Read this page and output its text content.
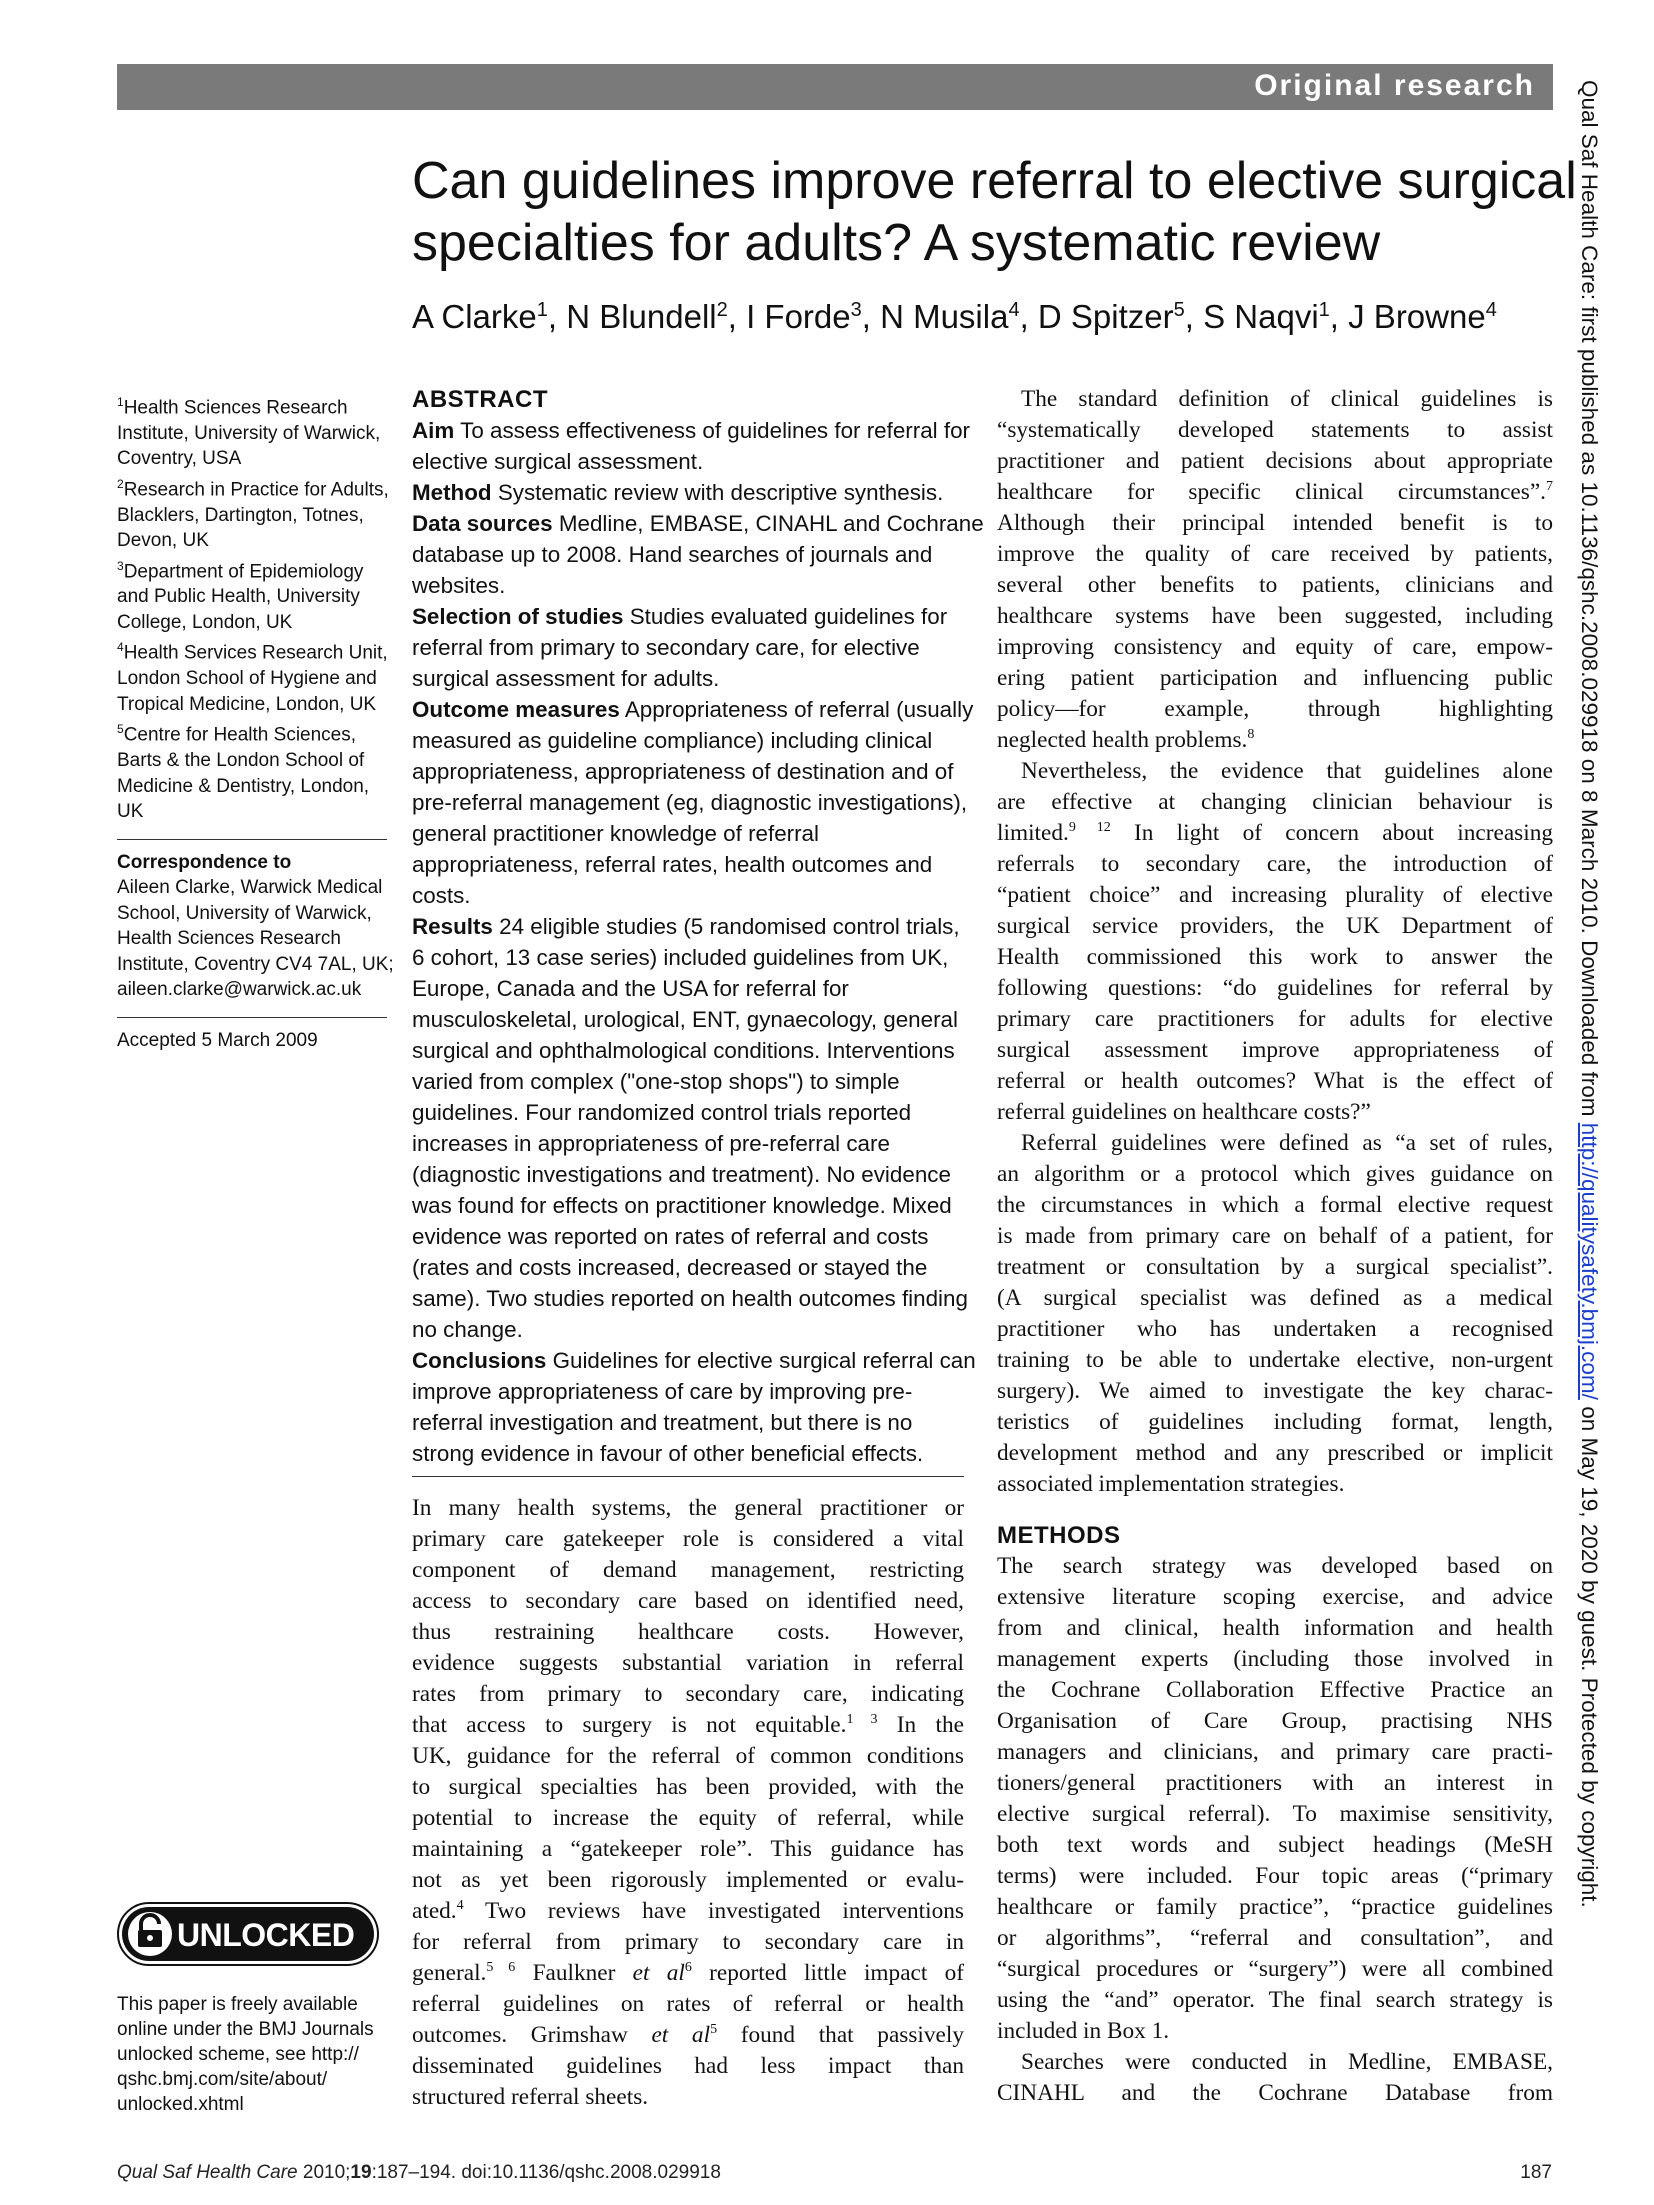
Original research
Can guidelines improve referral to elective surgical
specialties for adults? A systematic review
A Clarke$^1$, N Blundell$^2$, I Forde$^3$, N Musila$^4$, D Spitzer$^5$, S Naqvi$^1$, J Browne$^4$
$^1$Health Sciences Research
Institute, University of Warwick,
Coventry, USA
$^2$Research in Practice for Adults,
Blacklers, Dartington, Totnes,
Devon, UK
$^3$Department of Epidemiology
and Public Health, University
College, London, UK
$^4$Health Services Research Unit,
London School of Hygiene and
Tropical Medicine, London, UK
$^5$Centre for Health Sciences,
Barts & the London School of
Medicine & Dentistry, London,
UK
Correspondence to
Aileen Clarke, Warwick Medical
School, University of Warwick,
Health Sciences Research
Institute, Coventry CV4 7AL, UK;
aileen.clarke@warwick.ac.uk
Accepted 5 March 2009
UNLOCKED
This paper is freely available
online under the BMJ Journals
unlocked scheme, see http://
qshc.bmj.com/site/about/
unlocked.xhtml
ABSTRACT

Aim To assess effectiveness of guidelines for referral for
elective surgical assessment.

Method Systematic review with descriptive synthesis.

Data sources Medline, EMBASE, CINAHL and Cochrane
database up to 2008. Hand searches of journals and
websites.

Selection of studies Studies evaluated guidelines for
referral from primary to secondary care, for elective
surgical assessment for adults.

Outcome measures Appropriateness of referral (usually
measured as guideline compliance) including clinical
appropriateness, appropriateness of destination and of
pre-referral management (eg, diagnostic investigations),
general practitioner knowledge of referral
appropriateness, referral rates, health outcomes and
costs.

Results 24 eligible studies (5 randomised control trials,
6 cohort, 13 case series) included guidelines from UK,
Europe, Canada and the USA for referral for
musculoskeletal, urological, ENT, gynaecology, general
surgical and ophthalmological conditions. Interventions
varied from complex ("one-stop shops") to simple
guidelines. Four randomized control trials reported
increases in appropriateness of pre-referral care
(diagnostic investigations and treatment). No evidence
was found for effects on practitioner knowledge. Mixed
evidence was reported on rates of referral and costs
(rates and costs increased, decreased or stayed the
same). Two studies reported on health outcomes finding
no change.

Conclusions Guidelines for elective surgical referral can
improve appropriateness of care by improving pre-
referral investigation and treatment, but there is no
strong evidence in favour of other beneficial effects.

In many health systems, the general practitioner or
primary care gatekeeper role is considered a vital
component of demand management, restricting
access to secondary care based on identified need,
thus restraining healthcare costs. However,
evidence suggests substantial variation in referral
rates from primary to secondary care, indicating
that access to surgery is not equitable.$^{1 3}$ In the
UK, guidance for the referral of common conditions
to surgical specialties has been provided, with the
potential to increase the equity of referral, while
maintaining a “gatekeeper role”. This guidance has
not as yet been rigorously implemented or evalu-
ated.$^4$ Two reviews have investigated interventions
for referral from primary to secondary care in
general.$^{5 6}$ Faulkner et $al^6$ reported little impact of
referral guidelines on rates of referral or health
outcomes. Grimshaw et $al^5$ found that passively
disseminated guidelines had less impact than
structured referral sheets.
The standard definition of clinical guidelines is
“systematically developed statements to assist
practitioner and patient decisions about appropriate
healthcare for specific clinical circumstances”.$^7$
Although their principal intended benefit is to
improve the quality of care received by patients,
several other benefits to patients, clinicians and
healthcare systems have been suggested, including
improving consistency and equity of care, empow-
ering patient participation and influencing public
policy—for example, through highlighting
neglected health problems.$^8$
Nevertheless, the evidence that guidelines alone
are effective at changing clinician behaviour is
limited.$^{9 12}$ In light of concern about increasing
referrals to secondary care, the introduction of
“patient choice” and increasing plurality of elective
surgical service providers, the UK Department of
Health commissioned this work to answer the
following questions: “do guidelines for referral by
primary care practitioners for adults for elective
surgical assessment improve appropriateness of
referral or health outcomes? What is the effect of
referral guidelines on healthcare costs?”
Referral guidelines were defined as “a set of rules,
an algorithm or a protocol which gives guidance on
the circumstances in which a formal elective request
is made from primary care on behalf of a patient, for
treatment or consultation by a surgical specialist”.
(A surgical specialist was defined as a medical
practitioner who has undertaken a recognised
training to be able to undertake elective, non-urgent
surgery). We aimed to investigate the key charac-
teristics of guidelines including format, length,
development method and any prescribed or implicit
associated implementation strategies.
METHODS
The search strategy was developed based on
extensive literature scoping exercise, and advice
from and clinical, health information and health
management experts (including those involved in
the Cochrane Collaboration Effective Practice an
Organisation of Care Group, practising NHS
managers and clinicians, and primary care practi-
tioners/general practitioners with an interest in
elective surgical referral). To maximise sensitivity,
both text words and subject headings (MeSH
terms) were included. Four topic areas (“primary
healthcare or family practice”, “practice guidelines
or algorithms”, “referral and consultation”, and
“surgical procedures or “surgery”) were all combined
using the “and” operator. The final search strategy is
included in Box 1.
Searches were conducted in Medline, EMBASE,
CINAHL and the Cochrane Database from
Qual Saf Health Care 2010;19:187–194. doi:10.1136/qshc.2008.029918	187
Qual Saf Health Care: first published as 10.1136/qshc.2008.029918 on 8 March 2010. Downloaded from http://qualitysafety.bmj.com/ on May 19, 2020 by guest. Protected by copyright.
